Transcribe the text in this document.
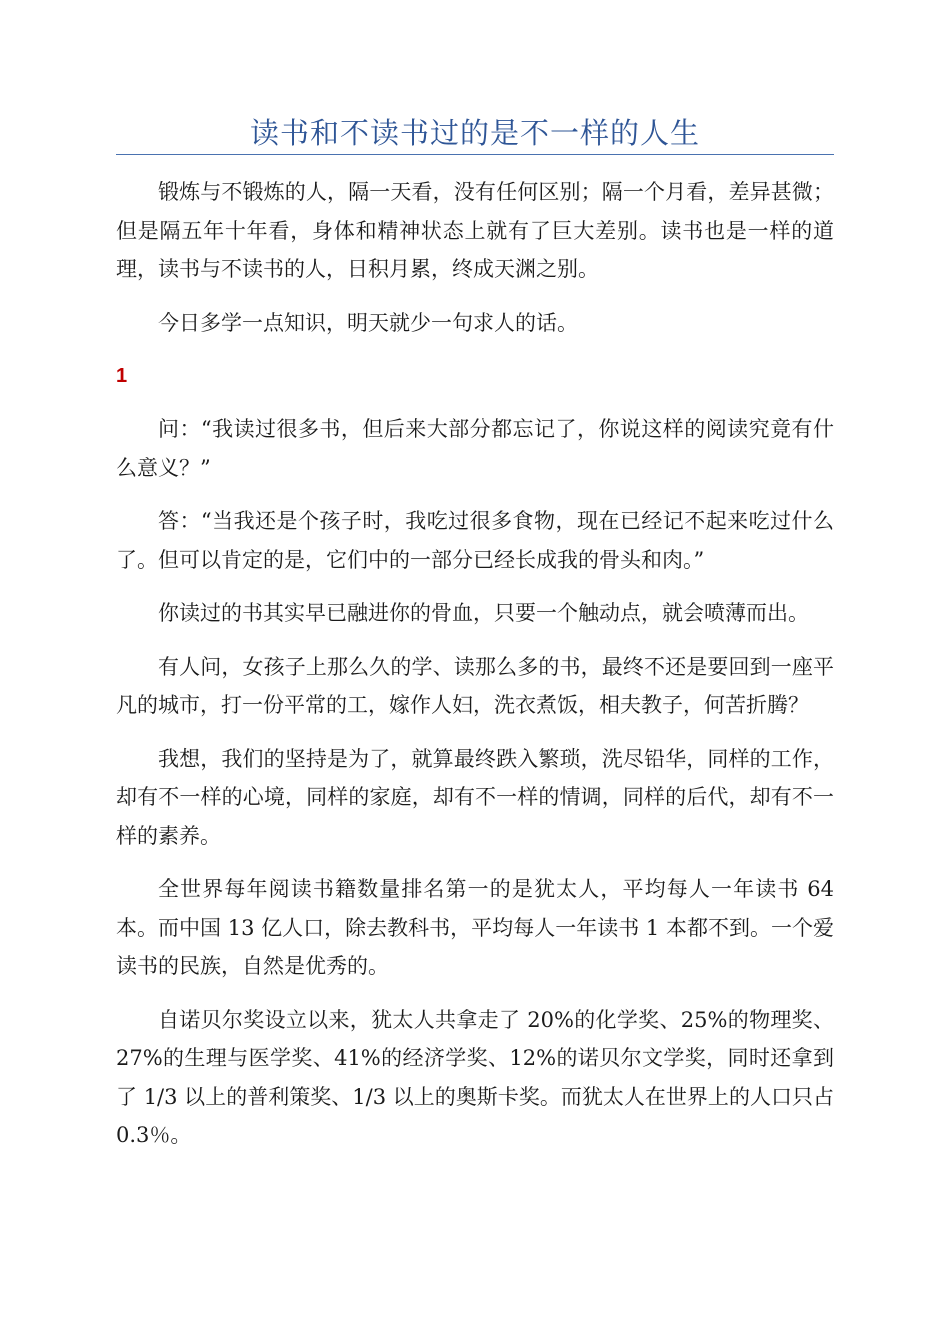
读书和不读书过的是不一样的人生

锻炼与不锻炼的人，隔一天看，没有任何区别；隔一个月看，差异甚微；但是隔五年十年看，身体和精神状态上就有了巨大差别。读书也是一样的道理，读书与不读书的人，日积月累，终成天渊之别。

今日多学一点知识，明天就少一句求人的话。

1

问：“我读过很多书，但后来大部分都忘记了，你说这样的阅读究竟有什么意义？”

答：“当我还是个孩子时，我吃过很多食物，现在已经记不起来吃过什么了。但可以肯定的是，它们中的一部分已经长成我的骨头和肉。”

你读过的书其实早已融进你的骨血，只要一个触动点，就会喷薄而出。

有人问，女孩子上那么久的学、读那么多的书，最终不还是要回到一座平凡的城市，打一份平常的工，嫁作人妇，洗衣煮饭，相夫教子，何苦折腾？

我想，我们的坚持是为了，就算最终跌入繁琐，洗尽铅华，同样的工作，却有不一样的心境，同样的家庭，却有不一样的情调，同样的后代，却有不一样的素养。

全世界每年阅读书籍数量排名第一的是犹太人，平均每人一年读书 64 本。而中国 13 亿人口，除去教科书，平均每人一年读书 1 本都不到。一个爱读书的民族，自然是优秀的。

自诺贝尔奖设立以来，犹太人共拿走了 20%的化学奖、25%的物理奖、27%的生理与医学奖、41%的经济学奖、12%的诺贝尔文学奖，同时还拿到了 1/3 以上的普利策奖、1/3 以上的奥斯卡奖。而犹太人在世界上的人口只占 0.3％。
